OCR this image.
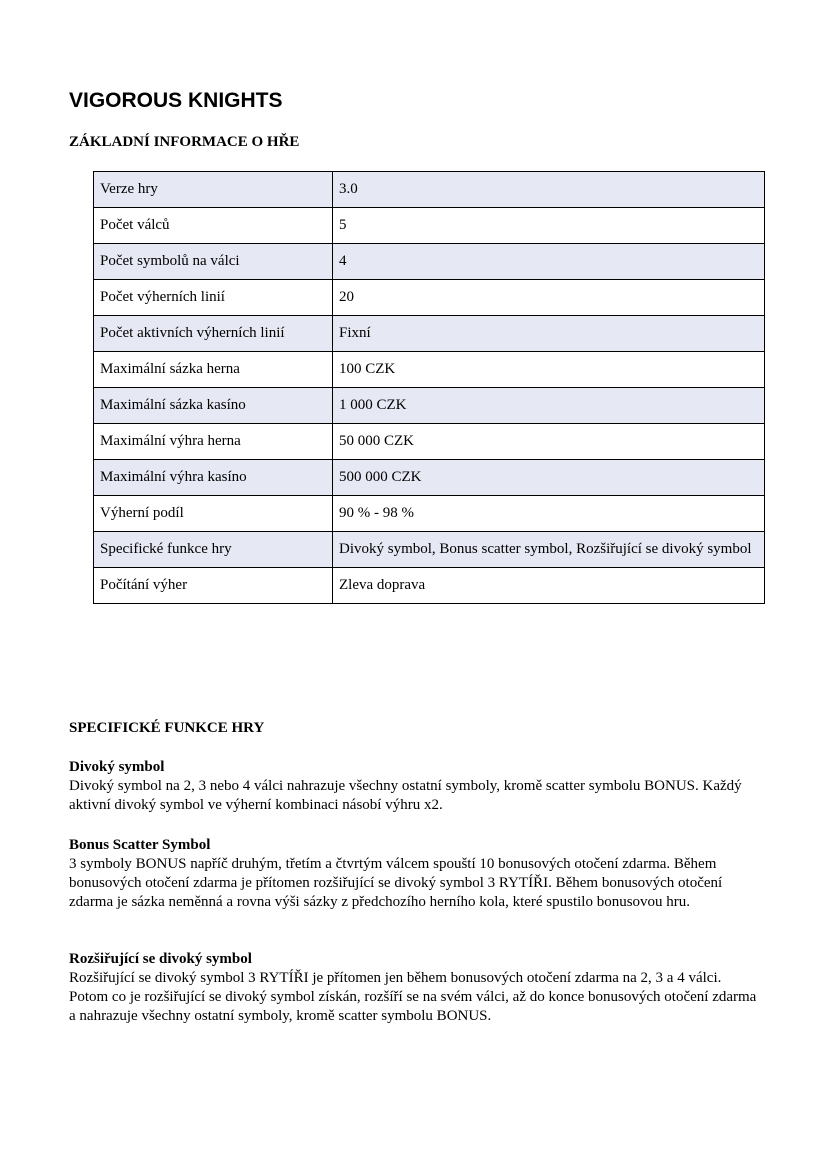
VIGOROUS KNIGHTS
ZÁKLADNÍ INFORMACE O HŘE
Verze hry	3.0
Počet válců	5
Počet symbolů na válci	4
Počet výherních linií	20
Počet aktivních výherních linií	Fixní
Maximální sázka herna	100 CZK
Maximální sázka kasíno	1 000 CZK
Maximální výhra herna	50 000 CZK
Maximální výhra kasíno	500 000 CZK
Výherní podíl	90 % - 98 %
Specifické funkce hry	Divoký symbol, Bonus scatter symbol, Rozšiřující se divoký symbol
Počítání výher	Zleva doprava
SPECIFICKÉ FUNKCE HRY
Divoký symbol
Divoký symbol na 2, 3 nebo 4 válci nahrazuje všechny ostatní symboly, kromě scatter symbolu BONUS. Každý aktivní divoký symbol ve výherní kombinaci násobí výhru x2.
Bonus Scatter Symbol
3 symboly BONUS napříč druhým, třetím a čtvrtým válcem spouští 10 bonusových otočení zdarma. Během bonusových otočení zdarma je přítomen rozšiřující se divoký symbol 3 RYTÍŘI. Během bonusových otočení zdarma je sázka neměnná a rovna výši sázky z předchozího herního kola, které spustilo bonusovou hru.
Rozšiřující se divoký symbol
Rozšiřující se divoký symbol 3 RYTÍŘI je přítomen jen během bonusových otočení zdarma na 2, 3 a 4 válci. Potom co je rozšiřující se divoký symbol získán, rozšíří se na svém válci, až do konce bonusových otočení zdarma a nahrazuje všechny ostatní symboly, kromě scatter symbolu BONUS.
